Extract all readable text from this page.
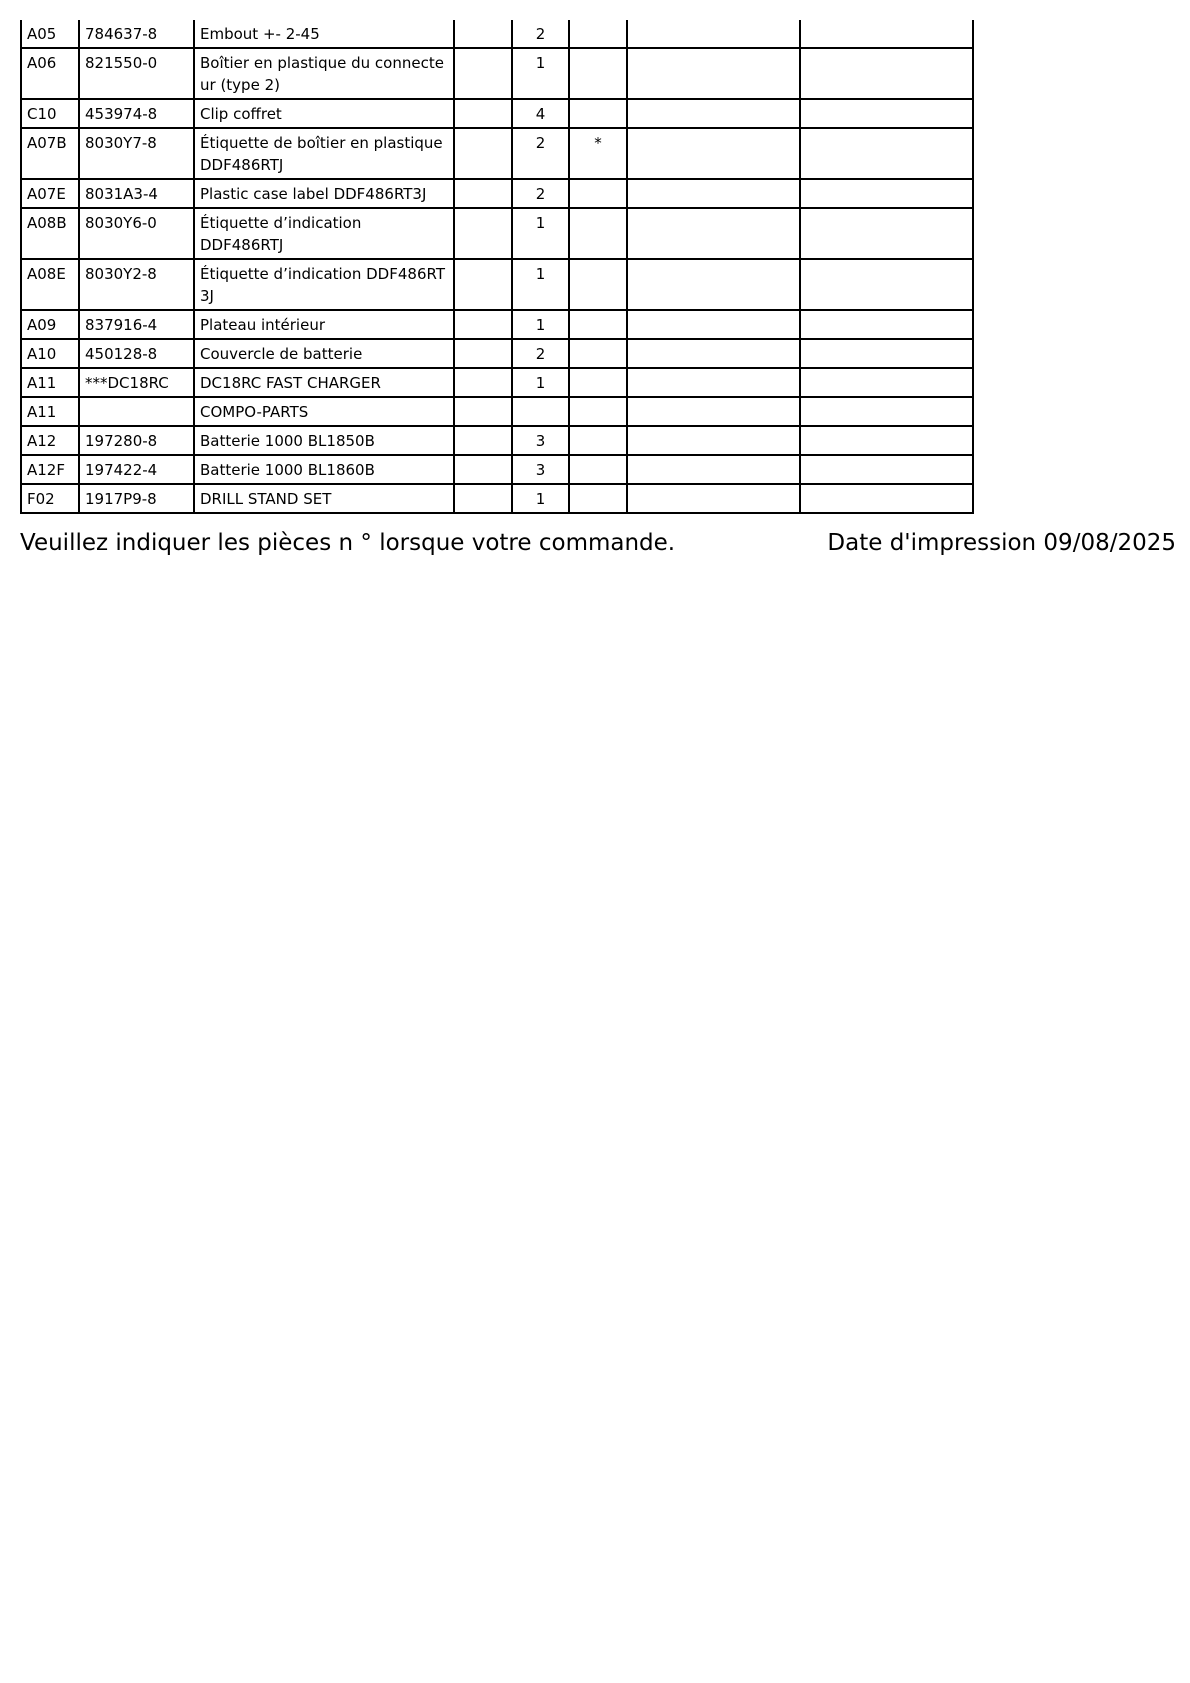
A05	784637-8	Embout +- 2-45		2			
A06	821550-0	Boîtier en plastique du connecte ur (type 2)		1			
C10	453974-8	Clip coffret		4			
A07B	8030Y7-8	Étiquette de boîtier en plastique DDF486RTJ		2	*		
A07E	8031A3-4	Plastic case label DDF486RT3J		2			
A08B	8030Y6-0	Étiquette d’indication DDF486RTJ		1			
A08E	8030Y2-8	Étiquette d’indication DDF486RT 3J		1			
A09	837916-4	Plateau intérieur		1			
A10	450128-8	Couvercle de batterie		2			
A11	***DC18RC	DC18RC FAST CHARGER		1			
A11		COMPO-PARTS					
A12	197280-8	Batterie 1000 BL1850B		3			
A12F	197422-4	Batterie 1000 BL1860B		3			
F02	1917P9-8	DRILL STAND SET		1			
Veuillez indiquer les pièces n ° lorsque votre commande.	Date d'impression 09/08/2025
